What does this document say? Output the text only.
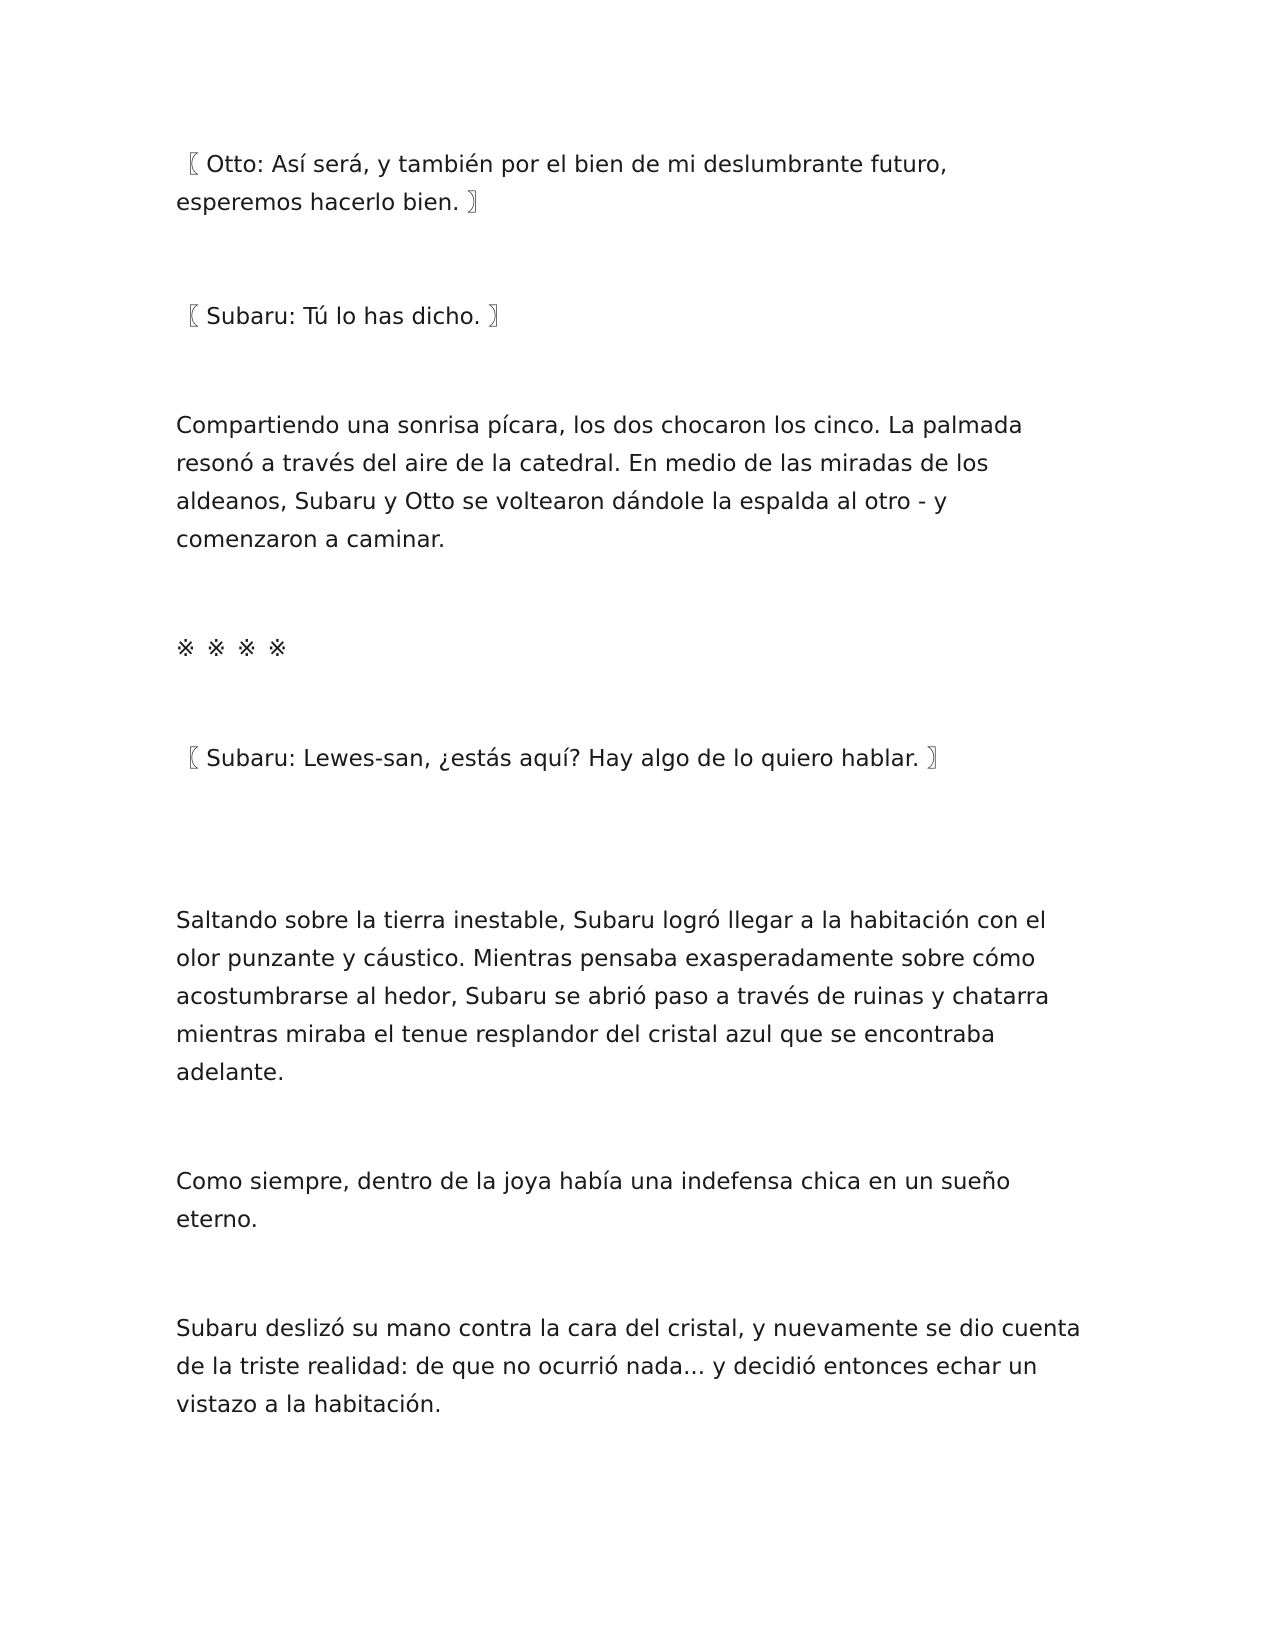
〖 Otto: Así será, y también por el bien de mi deslumbrante futuro,
esperemos hacerlo bien. 〗

〖 Subaru: Tú lo has dicho. 〗

Compartiendo una sonrisa pícara, los dos chocaron los cinco. La palmada
resonó a través del aire de la catedral. En medio de las miradas de los
aldeanos, Subaru y Otto se voltearon dándole la espalda al otro - y
comenzaron a caminar.

※ ※ ※ ※

〖 Subaru: Lewes-san, ¿estás aquí? Hay algo de lo quiero hablar. 〗

Saltando sobre la tierra inestable, Subaru logró llegar a la habitación con el
olor punzante y cáustico. Mientras pensaba exasperadamente sobre cómo
acostumbrarse al hedor, Subaru se abrió paso a través de ruinas y chatarra
mientras miraba el tenue resplandor del cristal azul que se encontraba
adelante.

Como siempre, dentro de la joya había una indefensa chica en un sueño
eterno.

Subaru deslizó su mano contra la cara del cristal, y nuevamente se dio cuenta
de la triste realidad: de que no ocurrió nada... y decidió entonces echar un
vistazo a la habitación.
